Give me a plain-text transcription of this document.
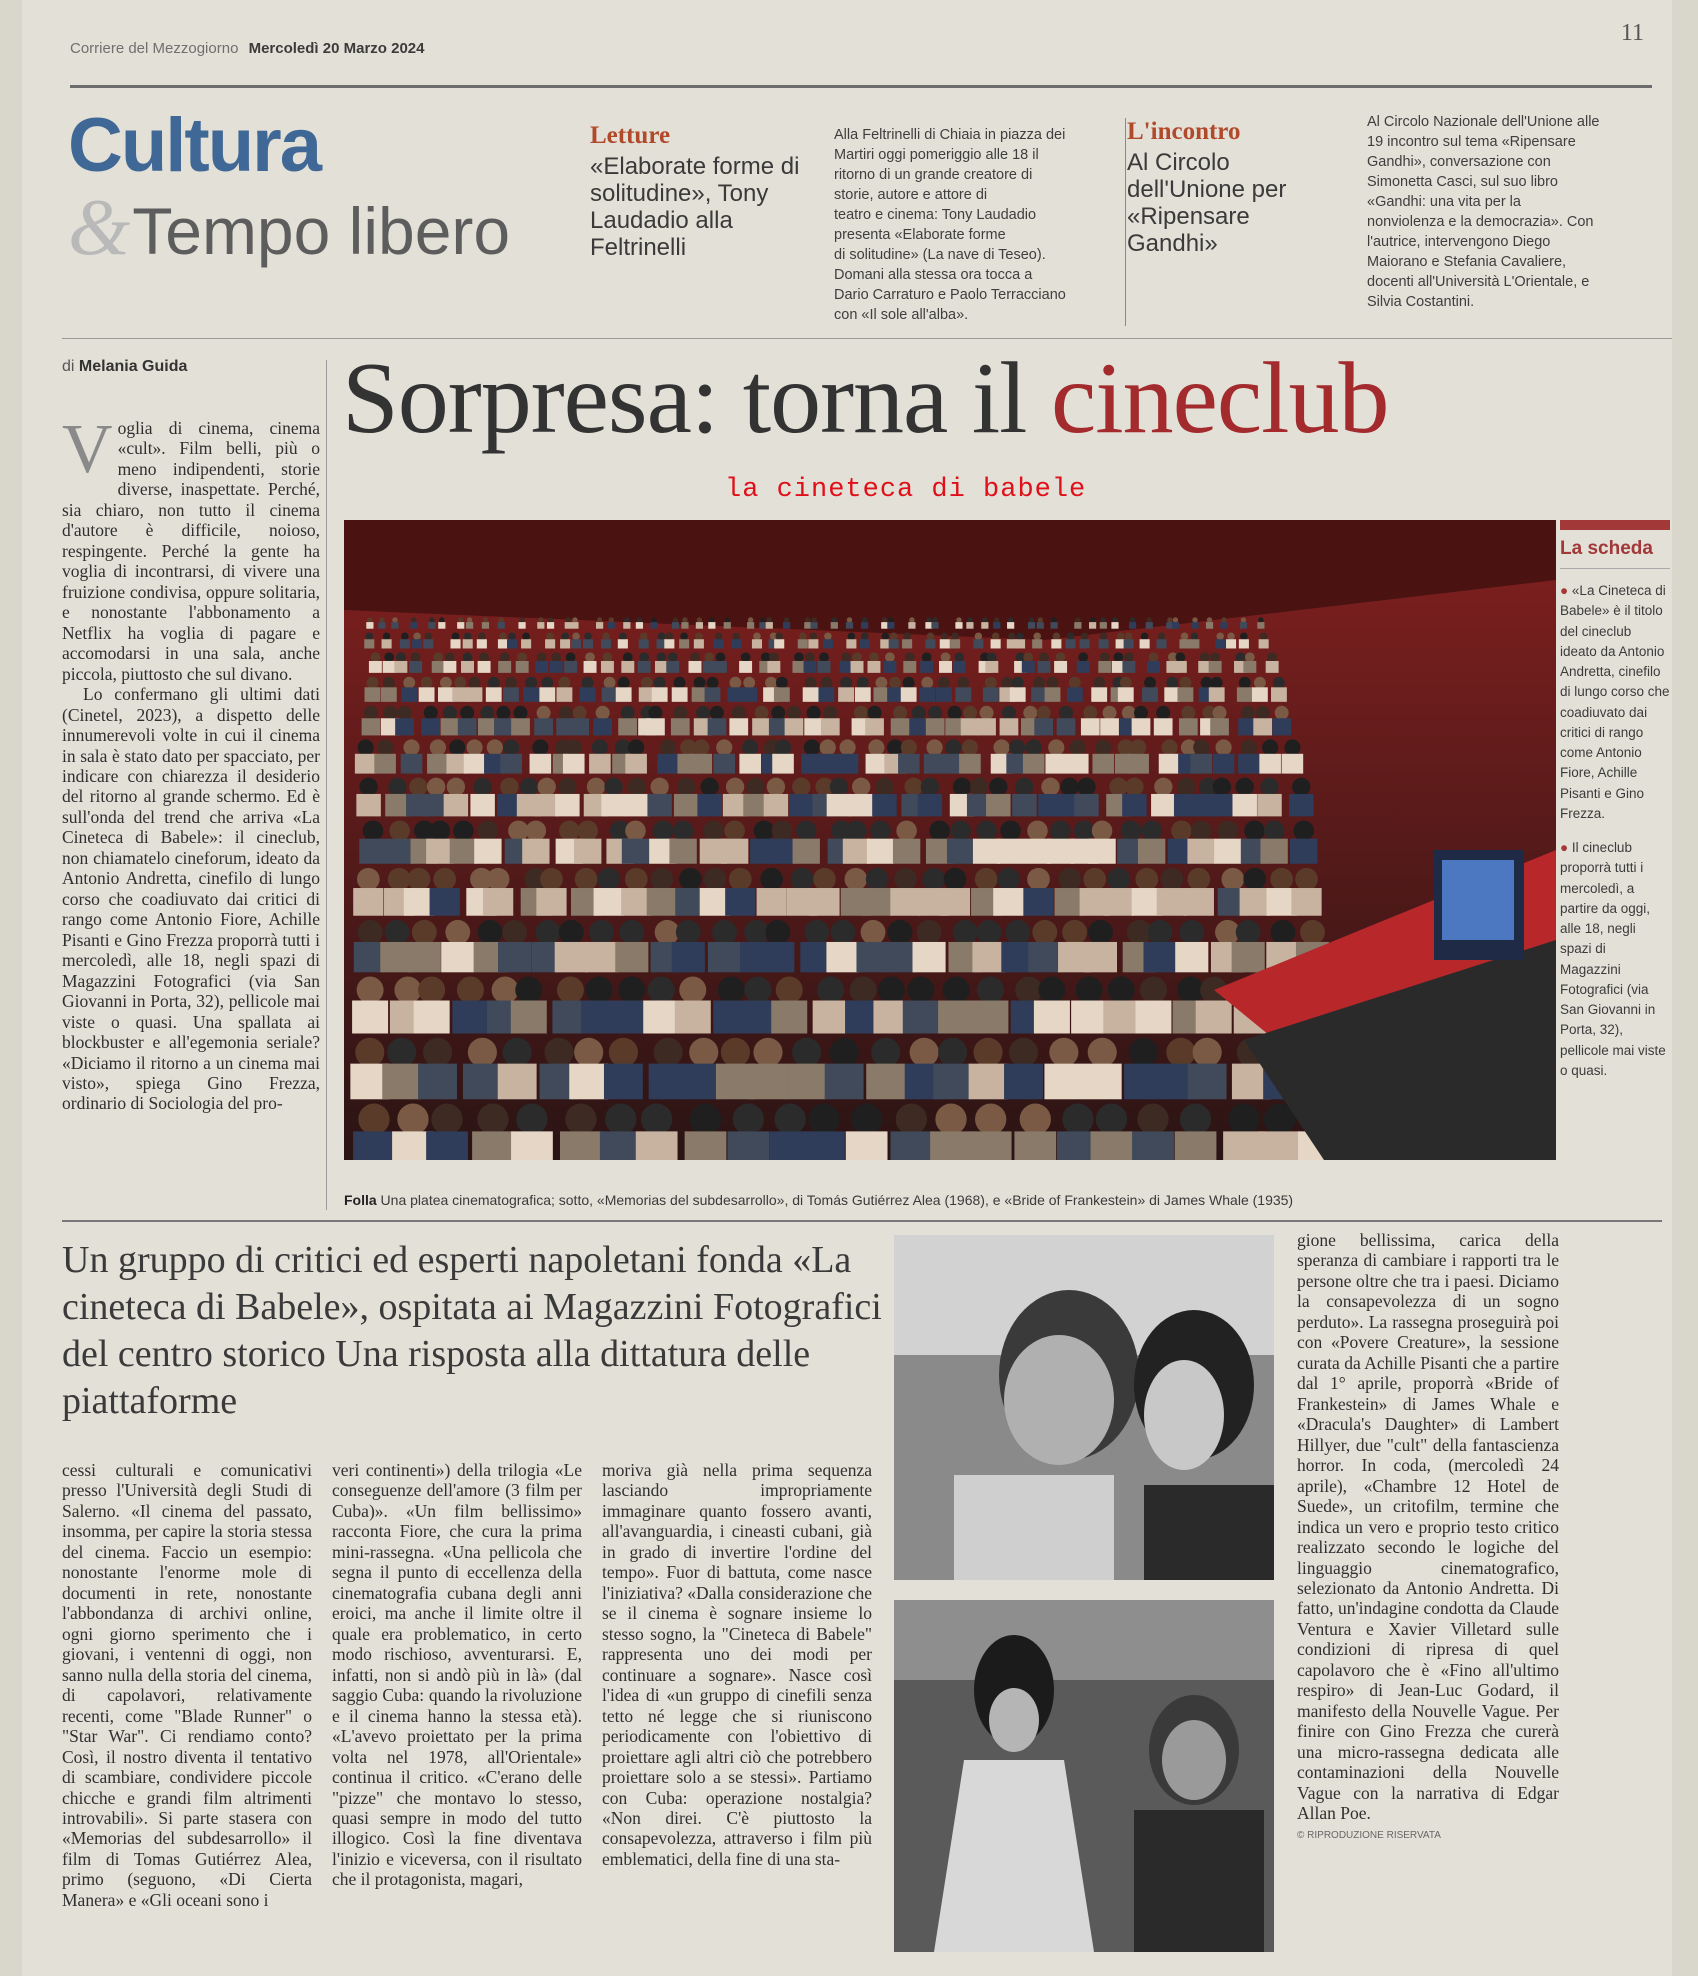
Corriere del Mezzogiorno Mercoledì 20 Marzo 2024
11
Cultura
&Tempo libero
Letture
«Elaborate forme di solitudine», Tony Laudadio alla Feltrinelli
Alla Feltrinelli di Chiaia in piazza dei
Martiri oggi pomeriggio alle 18 il
ritorno di un grande creatore di
storie, autore e attore di
teatro e cinema: Tony Laudadio
presenta «Elaborate forme
di solitudine» (La nave di Teseo).
Domani alla stessa ora tocca a
Dario Carraturo e Paolo Terracciano
con «Il sole all'alba».
L'incontro
Al Circolo dell'Unione per «Ripensare Gandhi»
Al Circolo Nazionale dell'Unione alle
19 incontro sul tema «Ripensare
Gandhi», conversazione con
Simonetta Casci, sul suo libro
«Gandhi: una vita per la
nonviolenza e la democrazia». Con
l'autrice, intervengono Diego
Maiorano e Stefania Cavaliere,
docenti all'Università L'Orientale, e
Silvia Costantini.
di Melania Guida Sorpresa: torna il cineclub
la cineteca di babele

Voglia di cinema, cinema «cult». Film belli, più o meno indipendenti, storie diverse, inaspettate. Perché, sia chiaro, non tutto il cinema d'autore è difficile, noioso, respingente. Perché la gente ha voglia di incontrarsi, di vivere una fruizione condivisa, oppure solitaria, e nonostante l'abbonamento a Netflix ha voglia di pagare e accomodarsi in una sala, anche piccola, piuttosto che sul divano.

Lo confermano gli ultimi dati (Cinetel, 2023), a dispetto delle innumerevoli volte in cui il cinema in sala è stato dato per spacciato, per indicare con chiarezza il desiderio del ritorno al grande schermo. Ed è sull'onda del trend che arriva «La Cineteca di Babele»: il cineclub, non chiamatelo cineforum, ideato da Antonio Andretta, cinefilo di lungo corso che coadiuvato dai critici di rango come Antonio Fiore, Achille Pisanti e Gino Frezza proporrà tutti i mercoledì, alle 18, negli spazi di Magazzini Fotografici (via San Giovanni in Porta, 32), pellicole mai viste o quasi. Una spallata ai blockbuster e all'egemonia seriale? «Diciamo il ritorno a un cinema mai visto», spiega Gino Frezza, ordinario di Sociologia del pro-

Folla Una platea cinematografica; sotto, «Memorias del subdesarrollo», di Tomás Gutiérrez Alea (1968), e «Bride of Frankestein» di James Whale (1935)
La scheda
● «La Cineteca di Babele» è il titolo del cineclub ideato da Antonio Andretta, cinefilo di lungo corso che coadiuvato dai critici di rango come Antonio Fiore, Achille Pisanti e Gino Frezza.
● Il cineclub proporrà tutti i mercoledì, a partire da oggi, alle 18, negli spazi di Magazzini Fotografici (via San Giovanni in Porta, 32), pellicole mai viste o quasi.
Un gruppo di critici ed esperti napoletani fonda «La cineteca di Babele», ospitata ai Magazzini Fotografici del centro storico Una risposta alla dittatura delle piattaforme
cessi culturali e comunicativi presso l'Università degli Studi di Salerno. «Il cinema del passato, insomma, per capire la storia stessa del cinema. Faccio un esempio: nonostante l'enorme mole di documenti in rete, nonostante l'abbondanza di archivi online, ogni giorno sperimento che i giovani, i ventenni di oggi, non sanno nulla della storia del cinema, di capolavori, relativamente recenti, come "Blade Runner" o "Star War". Ci rendiamo conto? Così, il nostro diventa il tentativo di scambiare, condividere piccole chicche e grandi film altrimenti introvabili». Si parte stasera con «Memorias del subdesarrollo» il film di Tomas Gutiérrez Alea, primo (seguono, «Di Cierta Manera» e «Gli oceani sono i
veri continenti») della trilogia «Le conseguenze dell'amore (3 film per Cuba)». «Un film bellissimo» racconta Fiore, che cura la prima mini-rassegna. «Una pellicola che segna il punto di eccellenza della cinematografia cubana degli anni eroici, ma anche il limite oltre il quale era problematico, in certo modo rischioso, avventurarsi. E, infatti, non si andò più in là» (dal saggio Cuba: quando la rivoluzione e il cinema hanno la stessa età). «L'avevo proiettato per la prima volta nel 1978, all'Orientale» continua il critico. «C'erano delle "pizze" che montavo lo stesso, quasi sempre in modo del tutto illogico. Così la fine diventava l'inizio e viceversa, con il risultato che il protagonista, magari,
moriva già nella prima sequenza lasciando impropriamente immaginare quanto fossero avanti, all'avanguardia, i cineasti cubani, già in grado di invertire l'ordine del tempo». Fuor di battuta, come nasce l'iniziativa? «Dalla considerazione che se il cinema è sognare insieme lo stesso sogno, la "Cineteca di Babele" rappresenta uno dei modi per continuare a sognare». Nasce così l'idea di «un gruppo di cinefili senza tetto né legge che si riuniscono periodicamente con l'obiettivo di proiettare agli altri ciò che potrebbero proiettare solo a se stessi». Partiamo con Cuba: operazione nostalgia? «Non direi. C'è piuttosto la consapevolezza, attraverso i film più emblematici, della fine di una sta-
gione bellissima, carica della speranza di cambiare i rapporti tra le persone oltre che tra i paesi. Diciamo la consapevolezza di un sogno perduto». La rassegna proseguirà poi con «Povere Creature», la sessione curata da Achille Pisanti che a partire dal 1° aprile, proporrà «Bride of Frankestein» di James Whale e «Dracula's Daughter» di Lambert Hillyer, due "cult" della fantascienza horror. In coda, (mercoledì 24 aprile), «Chambre 12 Hotel de Suede», un critofilm, termine che indica un vero e proprio testo critico realizzato secondo le logiche del linguaggio cinematografico, selezionato da Antonio Andretta. Di fatto, un'indagine condotta da Claude Ventura e Xavier Villetard sulle condizioni di ripresa di quel capolavoro che è «Fino all'ultimo respiro» di Jean-Luc Godard, il manifesto della Nouvelle Vague. Per finire con Gino Frezza che curerà una micro-rassegna dedicata alle contaminazioni della Nouvelle Vague con la narrativa di Edgar Allan Poe.
© RIPRODUZIONE RISERVATA
